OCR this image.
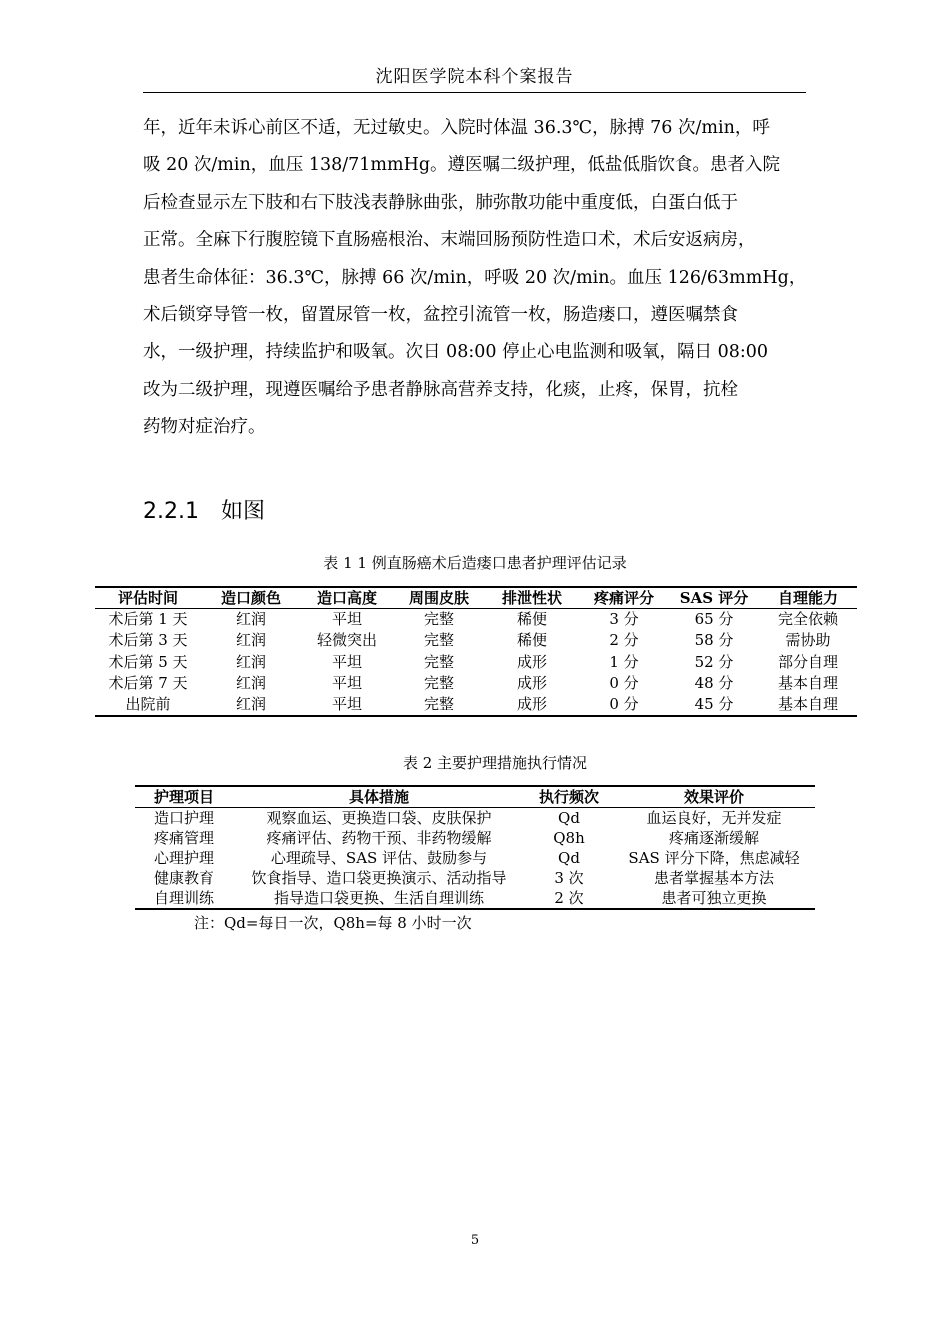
沈阳医学院本科个案报告
年，近年未诉心前区不适，无过敏史。入院时体温 36.3℃，脉搏 76 次/min，呼
吸 20 次/min，血压 138/71mmHg。遵医嘱二级护理，低盐低脂饮食。患者入院
后检查显示左下肢和右下肢浅表静脉曲张，肺弥散功能中重度低，白蛋白低于
正常。全麻下行腹腔镜下直肠癌根治、末端回肠预防性造口术，术后安返病房，
患者生命体征：36.3℃，脉搏 66 次/min，呼吸 20 次/min。血压 126/63mmHg，
术后锁穿导管一枚，留置尿管一枚，盆控引流管一枚，肠造瘘口，遵医嘱禁食
水，一级护理，持续监护和吸氧。次日 08:00 停止心电监测和吸氧，隔日 08:00
改为二级护理，现遵医嘱给予患者静脉高营养支持，化痰，止疼，保胃，抗栓
药物对症治疗。
2.2.1 如图
表 1 1 例直肠癌术后造瘘口患者护理评估记录
评估时间	造口颜色	造口高度	周围皮肤	排泄性状	疼痛评分	SAS 评分	自理能力
术后第 1 天	红润	平坦	完整	稀便	3 分	65 分	完全依赖
术后第 3 天	红润	轻微突出	完整	稀便	2 分	58 分	需协助
术后第 5 天	红润	平坦	完整	成形	1 分	52 分	部分自理
术后第 7 天	红润	平坦	完整	成形	0 分	48 分	基本自理
出院前	红润	平坦	完整	成形	0 分	45 分	基本自理
表 2 主要护理措施执行情况
护理项目	具体措施	执行频次	效果评价
造口护理	观察血运、更换造口袋、皮肤保护	Qd	血运良好，无并发症
疼痛管理	疼痛评估、药物干预、非药物缓解	Q8h	疼痛逐渐缓解
心理护理	心理疏导、SAS 评估、鼓励参与	Qd	SAS 评分下降，焦虑减轻
健康教育	饮食指导、造口袋更换演示、活动指导	3 次	患者掌握基本方法
自理训练	指导造口袋更换、生活自理训练	2 次	患者可独立更换
注：Qd=每日一次，Q8h=每 8 小时一次
5
